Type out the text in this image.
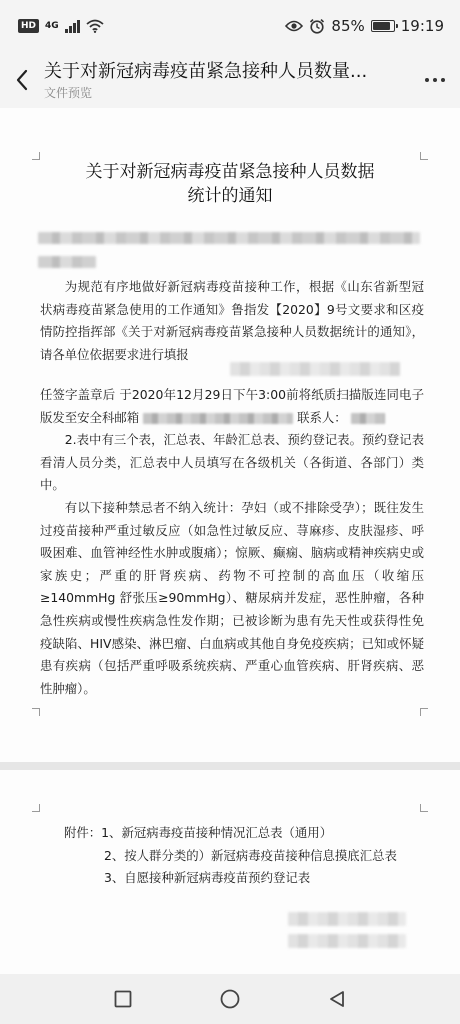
HD	4G	85% 19:19
关于对新冠病毒疫苗紧急接种人员数量...
文件预览
关于对新冠病毒疫苗紧急接种人员数据
统计的通知

为规范有序地做好新冠病毒疫苗接种工作，根据《山东省新型冠状病毒疫苗紧急使用的工作通知》鲁指发【2020】9号文要求和区疫情防控指挥部《关于对新冠病毒疫苗紧急接种人员数据统计的通知》，请各单位依据要求进行填报

任签字盖章后 于2020年12月29日下午3:00前将纸质扫描版连同电子版发至安全科邮箱	联系人：

2.表中有三个表，汇总表、年龄汇总表、预约登记表。预约登记表看清人员分类，汇总表中人员填写在各级机关（各街道、各部门）类中。

有以下接种禁忌者不纳入统计：孕妇（或不排除受孕）；既往发生过疫苗接种严重过敏反应（如急性过敏反应、荨麻疹、皮肤湿疹、呼吸困难、血管神经性水肿或腹痛）；惊厥、癫痫、脑病或精神疾病史或家族史；严重的肝肾疾病、药物不可控制的高血压（收缩压≥140mmHg 舒张压≥90mmHg）、糖尿病并发症，恶性肿瘤，各种急性疾病或慢性疾病急性发作期；已被诊断为患有先天性或获得性免疫缺陷、HIV感染、淋巴瘤、白血病或其他自身免疫疾病；已知或怀疑患有疾病（包括严重呼吸系统疾病、严重心血管疾病、肝肾疾病、恶性肿瘤）。

附件：1、新冠病毒疫苗接种情况汇总表（通用）
2、按人群分类的）新冠病毒疫苗接种信息摸底汇总表
3、自愿接种新冠病毒疫苗预约登记表
